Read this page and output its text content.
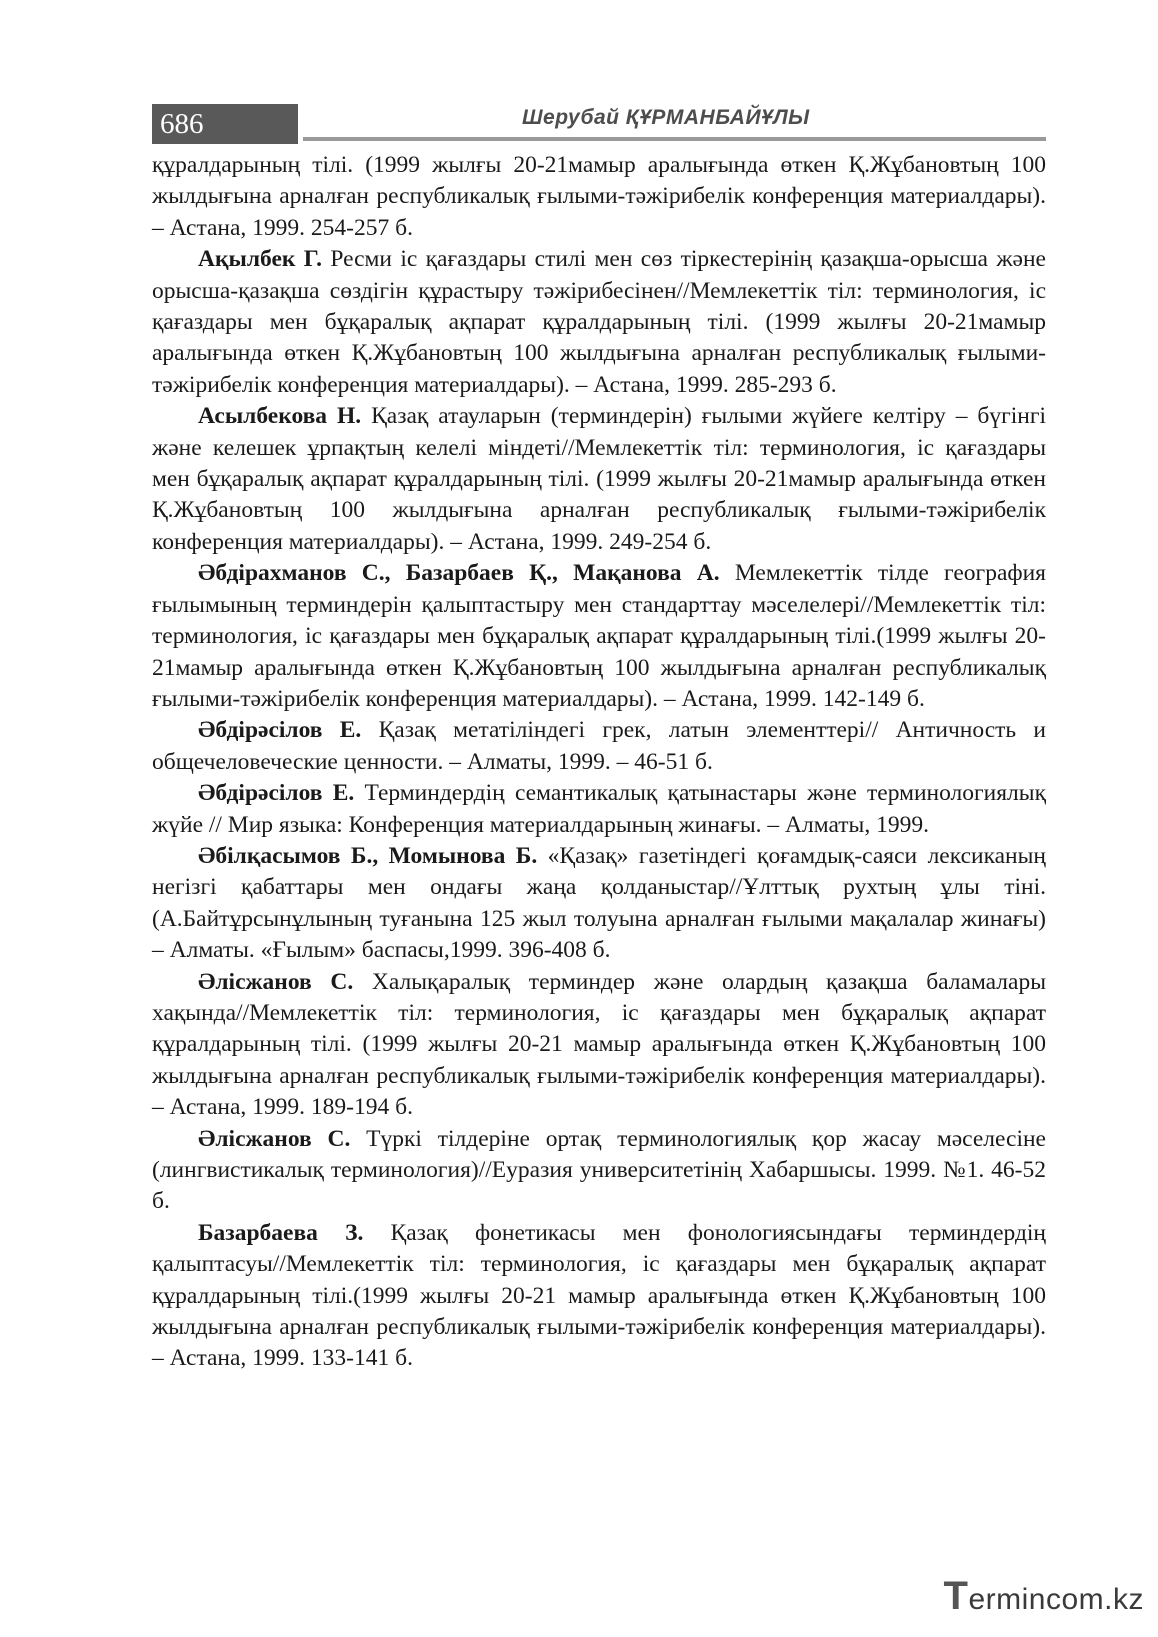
686	Шерубай ҚҰРМАНБАЙҰЛЫ

құралдарының тілі. (1999 жылғы 20-21мамыр аралығында өткен Қ.Жұбановтың 100 жылдығына арналған республикалық ғылыми-тәжірибелік конференция материалдары). – Астана, 1999. 254-257 б.

Ақылбек Г. Ресми іс қағаздары стилі мен сөз тіркестерінің қазақша-орысша және орысша-қазақша сөздігін құрастыру тәжірибесінен//Мемлекеттік тіл: терминология, іс қағаздары мен бұқаралық ақпарат құралдарының тілі. (1999 жылғы 20-21мамыр аралығында өткен Қ.Жұбановтың 100 жылдығына арналған республикалық ғылыми-тәжірибелік конференция материалдары). – Астана, 1999. 285-293 б.

Асылбекова Н. Қазақ атауларын (терминдерін) ғылыми жүйеге келтіру – бүгінгі және келешек ұрпақтың келелі міндеті//Мемлекеттік тіл: терминология, іс қағаздары мен бұқаралық ақпарат құралдарының тілі. (1999 жылғы 20-21мамыр аралығында өткен Қ.Жұбановтың 100 жылдығына арналған республикалық ғылыми-тәжірибелік конференция материалдары). – Астана, 1999. 249-254 б.

Әбдірахманов С., Базарбаев Қ., Мақанова А. Мемлекеттік тілде география ғылымының терминдерін қалыптастыру мен стандарттау мәселелері//Мемлекеттік тіл: терминология, іс қағаздары мен бұқаралық ақпарат құралдарының тілі.(1999 жылғы 20-21мамыр аралығында өткен Қ.Жұбановтың 100 жылдығына арналған республикалық ғылыми-тәжірибелік конференция материалдары). – Астана, 1999. 142-149 б.

Әбдірәсілов Е. Қазақ метатіліндегі грек, латын элементтері// Античность и общечеловеческие ценности. – Алматы, 1999. – 46-51 б.

Әбдірәсілов Е. Терминдердің семантикалық қатынастары және терминологиялық жүйе // Мир языка: Конференция материалдарының жинағы. – Алматы, 1999.

Әбілқасымов Б., Момынова Б. «Қазақ» газетіндегі қоғамдық-саяси лексиканың негізгі қабаттары мен ондағы жаңа қолданыстар//Ұлттық рухтың ұлы тіні. (А.Байтұрсынұлының туғанына 125 жыл толуына арналған ғылыми мақалалар жинағы) – Алматы. «Ғылым» баспасы,1999. 396-408 б.

Әлісжанов С. Халықаралық терминдер және олардың қазақша баламалары хақында//Мемлекеттік тіл: терминология, іс қағаздары мен бұқаралық ақпарат құралдарының тілі. (1999 жылғы 20-21 мамыр аралығында өткен Қ.Жұбановтың 100 жылдығына арналған республикалық ғылыми-тәжірибелік конференция материалдары). – Астана, 1999. 189-194 б.

Әлісжанов С. Түркі тілдеріне ортақ терминологиялық қор жасау мәселесіне (лингвистикалық терминология)//Еуразия университетінің Хабаршысы. 1999. №1. 46-52 б.

Базарбаева З. Қазақ фонетикасы мен фонологиясындағы терминдердің қалыптасуы//Мемлекеттік тіл: терминология, іс қағаздары мен бұқаралық ақпарат құралдарының тілі.(1999 жылғы 20-21 мамыр аралығында өткен Қ.Жұбановтың 100 жылдығына арналған республикалық ғылыми-тәжірибелік конференция материалдары). – Астана, 1999. 133-141 б.

Termincom.kz
